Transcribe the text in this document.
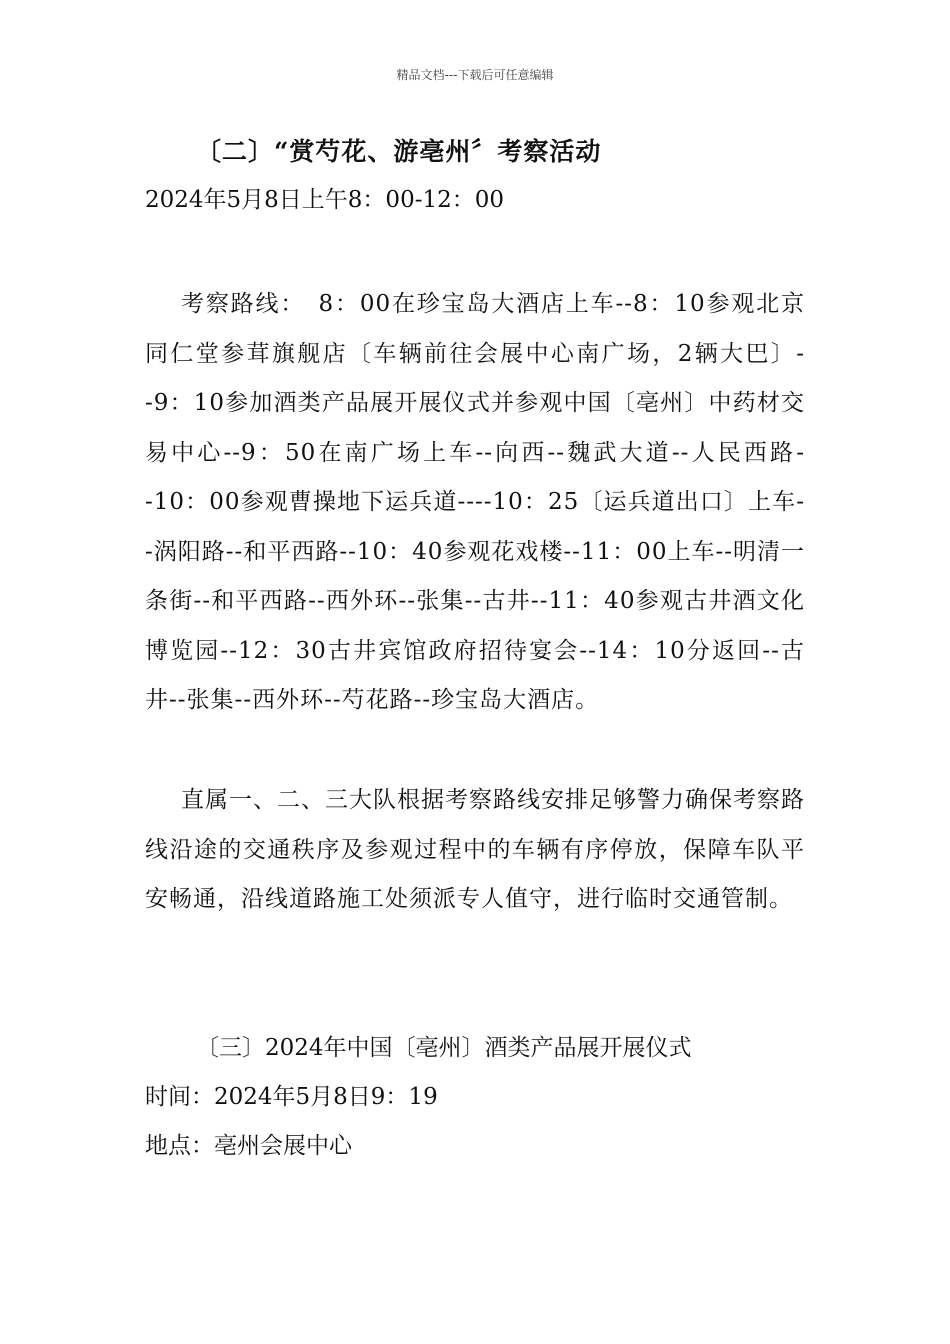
精品文档---下载后可任意编辑
〔二〕“赏芍花、游亳州〞考察活动
2024年5月8日上午8：00-12：00
考察路线：　8：00在珍宝岛大酒店上车--8：10参观北京同仁堂参茸旗舰店〔车辆前往会展中心南广场，2辆大巴〕--9：10参加酒类产品展开展仪式并参观中国〔亳州〕中药材交易中心--9：50在南广场上车--向西--魏武大道--人民西路--10：00参观曹操地下运兵道----10：25〔运兵道出口〕上车--涡阳路--和平西路--10：40参观花戏楼--11：00上车--明清一条街--和平西路--西外环--张集--古井--11：40参观古井酒文化博览园--12：30古井宾馆政府招待宴会--14：10分返回--古井--张集--西外环--芍花路--珍宝岛大酒店。
直属一、二、三大队根据考察路线安排足够警力确保考察路线沿途的交通秩序及参观过程中的车辆有序停放，保障车队平安畅通，沿线道路施工处须派专人值守，进行临时交通管制。
〔三〕2024年中国〔亳州〕酒类产品展开展仪式
时间：2024年5月8日9：19
地点：亳州会展中心
